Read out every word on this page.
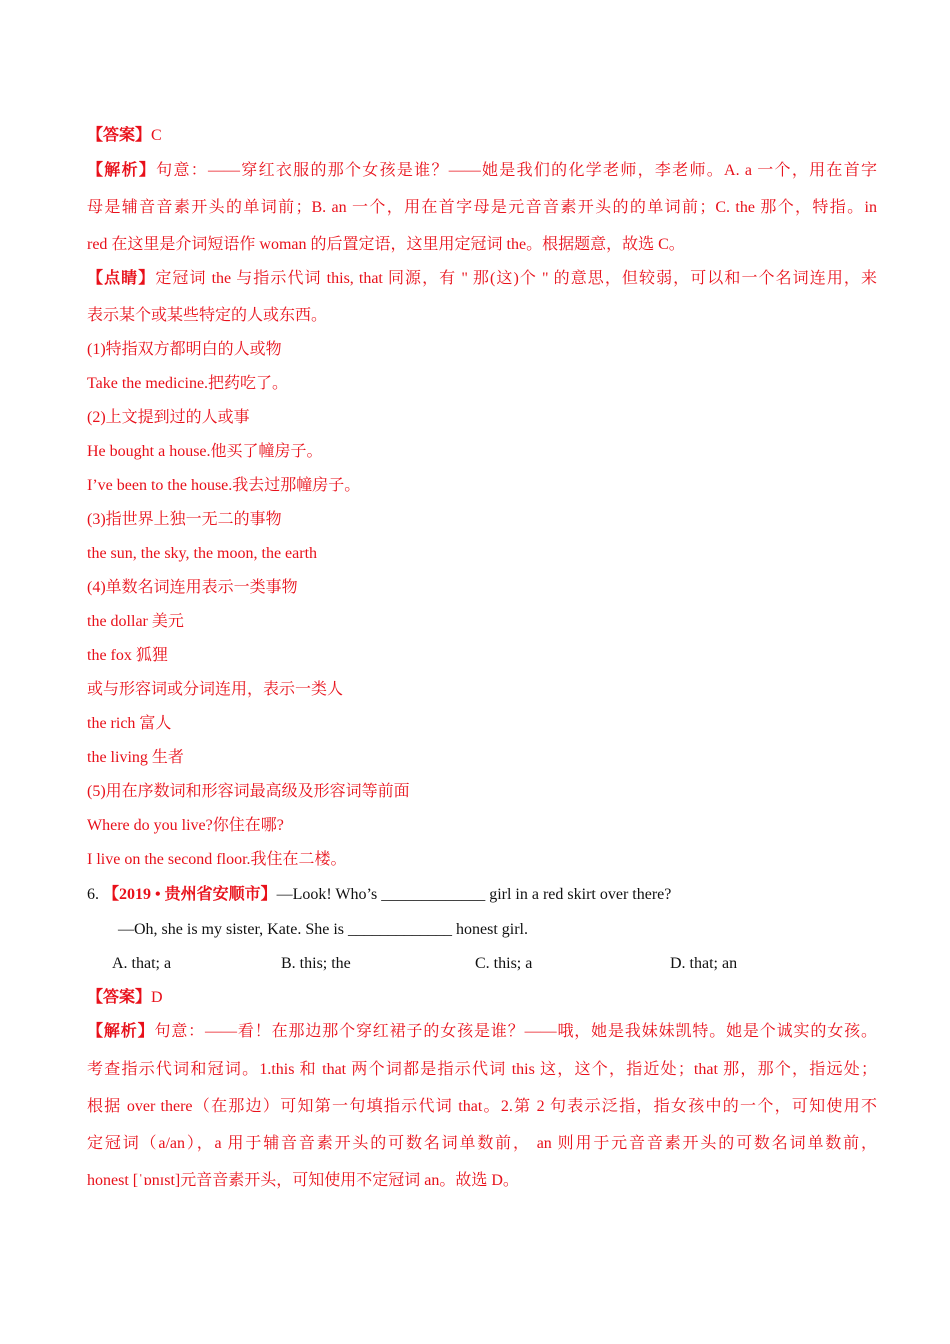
【答案】C
【解析】句意：——穿红衣服的那个女孩是谁？——她是我们的化学老师，李老师。A. a 一个，用在首字
母是辅音音素开头的单词前；B. an 一个，用在首字母是元音音素开头的的单词前；C. the 那个，特指。in
red 在这里是介词短语作 woman 的后置定语，这里用定冠词 the。根据题意，故选 C。
【点睛】定冠词 the 与指示代词 this, that 同源，有 " 那(这)个 " 的意思，但较弱，可以和一个名词连用，来
表示某个或某些特定的人或东西。
(1)特指双方都明白的人或物
Take the medicine.把药吃了。
(2)上文提到过的人或事
He bought a house.他买了幢房子。
I’ve been to the house.我去过那幢房子。
(3)指世界上独一无二的事物
the sun, the sky, the moon, the earth
(4)单数名词连用表示一类事物
the dollar 美元
the fox 狐狸
或与形容词或分词连用，表示一类人
the rich 富人
the living 生者
(5)用在序数词和形容词最高级及形容词等前面
Where do you live?你住在哪?
I live on the second floor.我住在二楼。
6. 【2019 • 贵州省安顺市】—Look! Who’s _____________ girl in a red skirt over there?
—Oh, she is my sister, Kate. She is _____________ honest girl.
A. that; a	B. this; the	C. this; a	D. that; an
【答案】D
【解析】句意：——看！在那边那个穿红裙子的女孩是谁？——哦，她是我妹妹凯特。她是个诚实的女孩。
考查指示代词和冠词。1.this 和 that 两个词都是指示代词 this 这，这个，指近处；that 那，那个，指远处；
根据 over there（在那边）可知第一句填指示代词 that。2.第 2 句表示泛指，指女孩中的一个，可知使用不
定冠词（a/an），a 用于辅音音素开头的可数名词单数前， an 则用于元音音素开头的可数名词单数前，
honest [ˈɒnɪst]元音音素开头，可知使用不定冠词 an。故选 D。
